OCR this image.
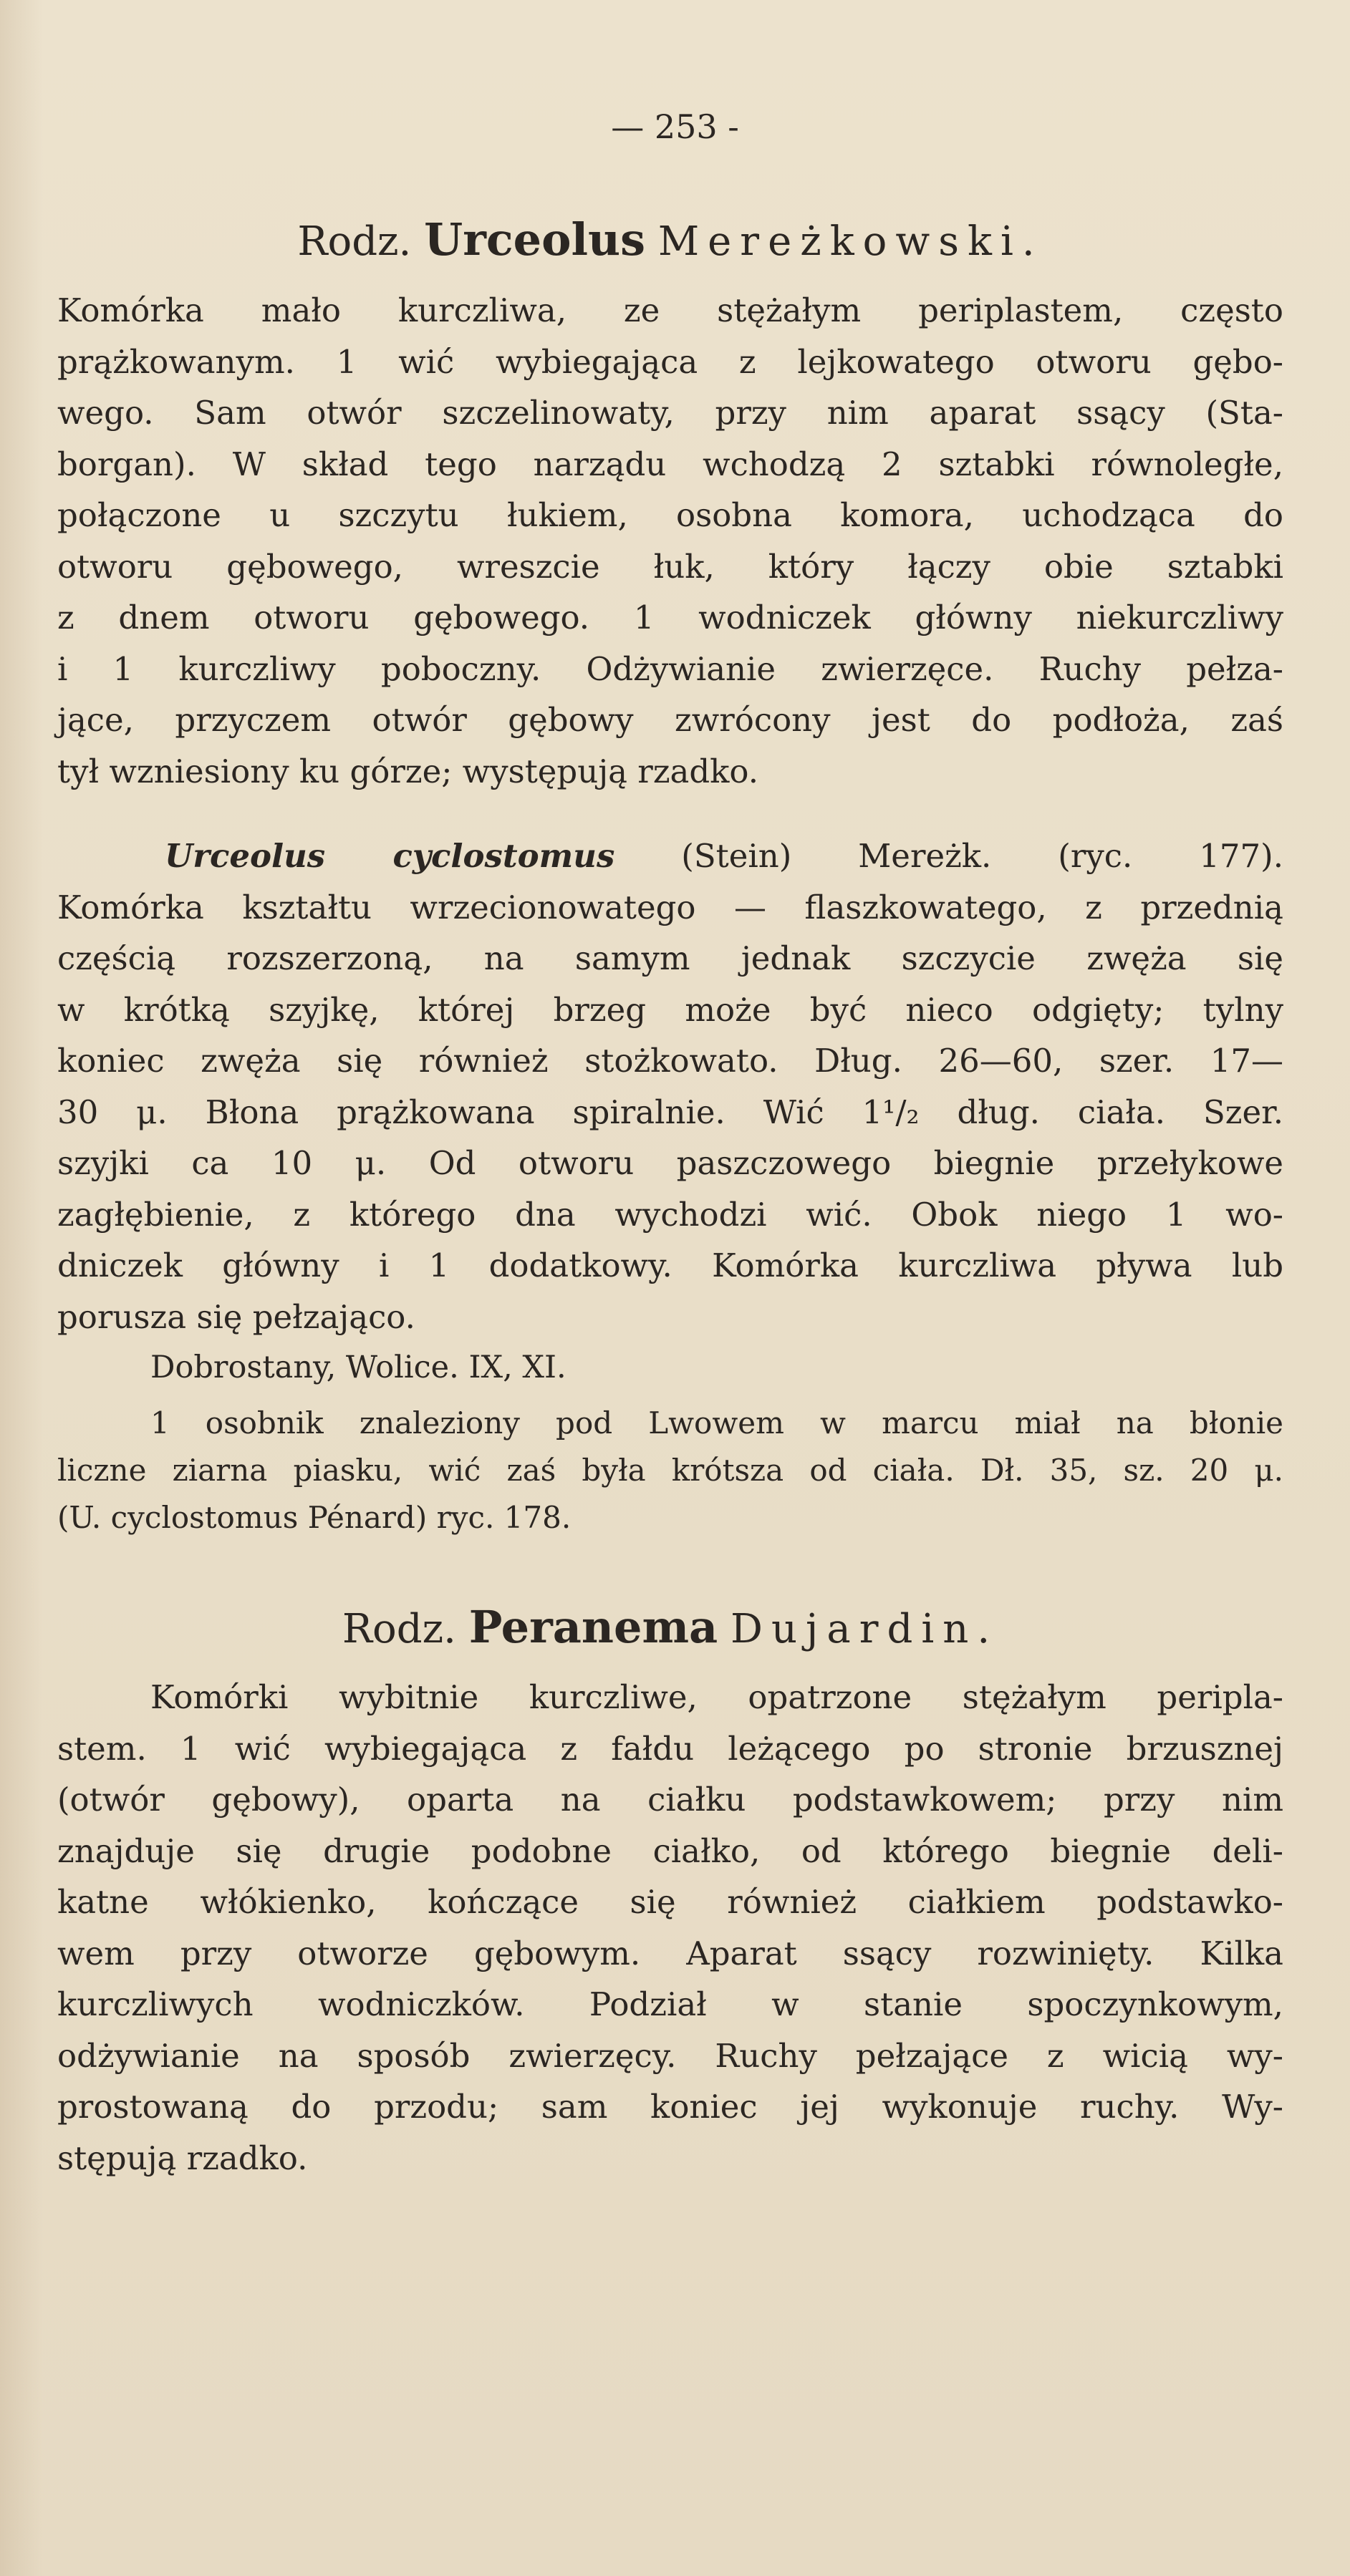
— 253 -
Rodz. Urceolus Mereżkowski.
Komórka mało kurczliwa, ze stężałym periplastem, często
prążkowanym. 1 wić wybiegająca z lejkowatego otworu gębo-
wego. Sam otwór szczelinowaty, przy nim aparat ssący (Sta-
borgan). W skład tego narządu wchodzą 2 sztabki równoległe,
połączone u szczytu łukiem, osobna komora, uchodząca do
otworu gębowego, wreszcie łuk, który łączy obie sztabki
z dnem otworu gębowego. 1 wodniczek główny niekurczliwy
i 1 kurczliwy poboczny. Odżywianie zwierzęce. Ruchy pełza-
jące, przyczem otwór gębowy zwrócony jest do podłoża, zaś
tył wzniesiony ku górze; występują rzadko.
Urceolus cyclostomus (Stein) Mereżk. (ryc. 177).
Komórka kształtu wrzecionowatego — flaszkowatego, z przednią
częścią rozszerzoną, na samym jednak szczycie zwęża się
w krótką szyjkę, której brzeg może być nieco odgięty; tylny
koniec zwęża się również stożkowato. Dług. 26—60, szer. 17—
30 μ. Błona prążkowana spiralnie. Wić 1¹/₂ dług. ciała. Szer.
szyjki ca 10 μ. Od otworu paszczowego biegnie przełykowe
zagłębienie, z którego dna wychodzi wić. Obok niego 1 wo-
dniczek główny i 1 dodatkowy. Komórka kurczliwa pływa lub
porusza się pełzająco.
Dobrostany, Wolice. IX, XI.
1 osobnik znaleziony pod Lwowem w marcu miał na błonie
liczne ziarna piasku, wić zaś była krótsza od ciała. Dł. 35, sz. 20 μ.
(U. cyclostomus Pénard) ryc. 178.
Rodz. Peranema Dujardin.
Komórki wybitnie kurczliwe, opatrzone stężałym peripla-
stem. 1 wić wybiegająca z fałdu leżącego po stronie brzusznej
(otwór gębowy), oparta na ciałku podstawkowem; przy nim
znajduje się drugie podobne ciałko, od którego biegnie deli-
katne włókienko, kończące się również ciałkiem podstawko-
wem przy otworze gębowym. Aparat ssący rozwinięty. Kilka
kurczliwych wodniczków. Podział w stanie spoczynkowym,
odżywianie na sposób zwierzęcy. Ruchy pełzające z wicią wy-
prostowaną do przodu; sam koniec jej wykonuje ruchy. Wy-
stępują rzadko.
